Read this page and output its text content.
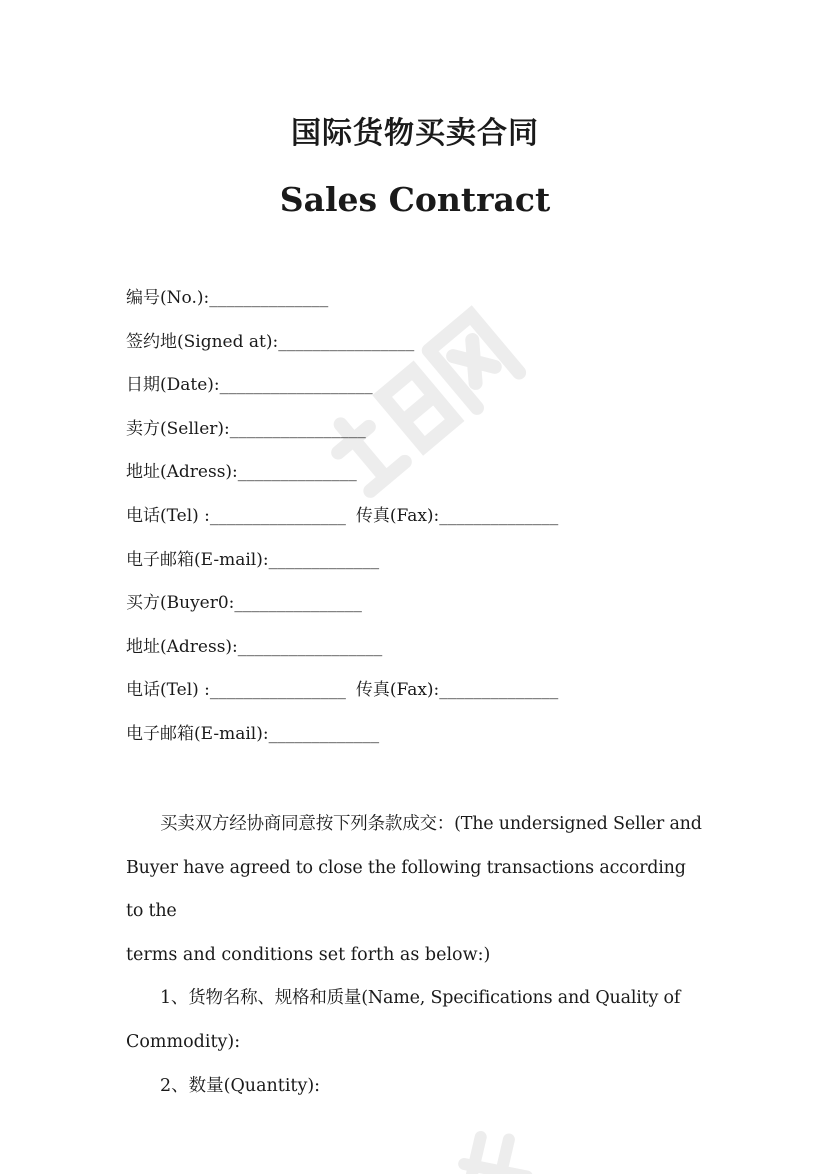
国际货物买卖合同
Sales Contract
编号(No.):______________
签约地(Signed at):________________
日期(Date):__________________
卖方(Seller):________________
地址(Adress):______________
电话(Tel) :________________ 传真(Fax):______________
电子邮箱(E-mail):_____________
买方(Buyer0:_______________
地址(Adress):_________________
电话(Tel) :________________ 传真(Fax):______________
电子邮箱(E-mail):_____________

买卖双方经协商同意按下列条款成交：(The undersigned Seller and

Buyer have agreed to close the following transactions according to the

terms and conditions set forth as below:)

1、货物名称、规格和质量(Name, Specifications and Quality of

Commodity):

2、数量(Quantity):
